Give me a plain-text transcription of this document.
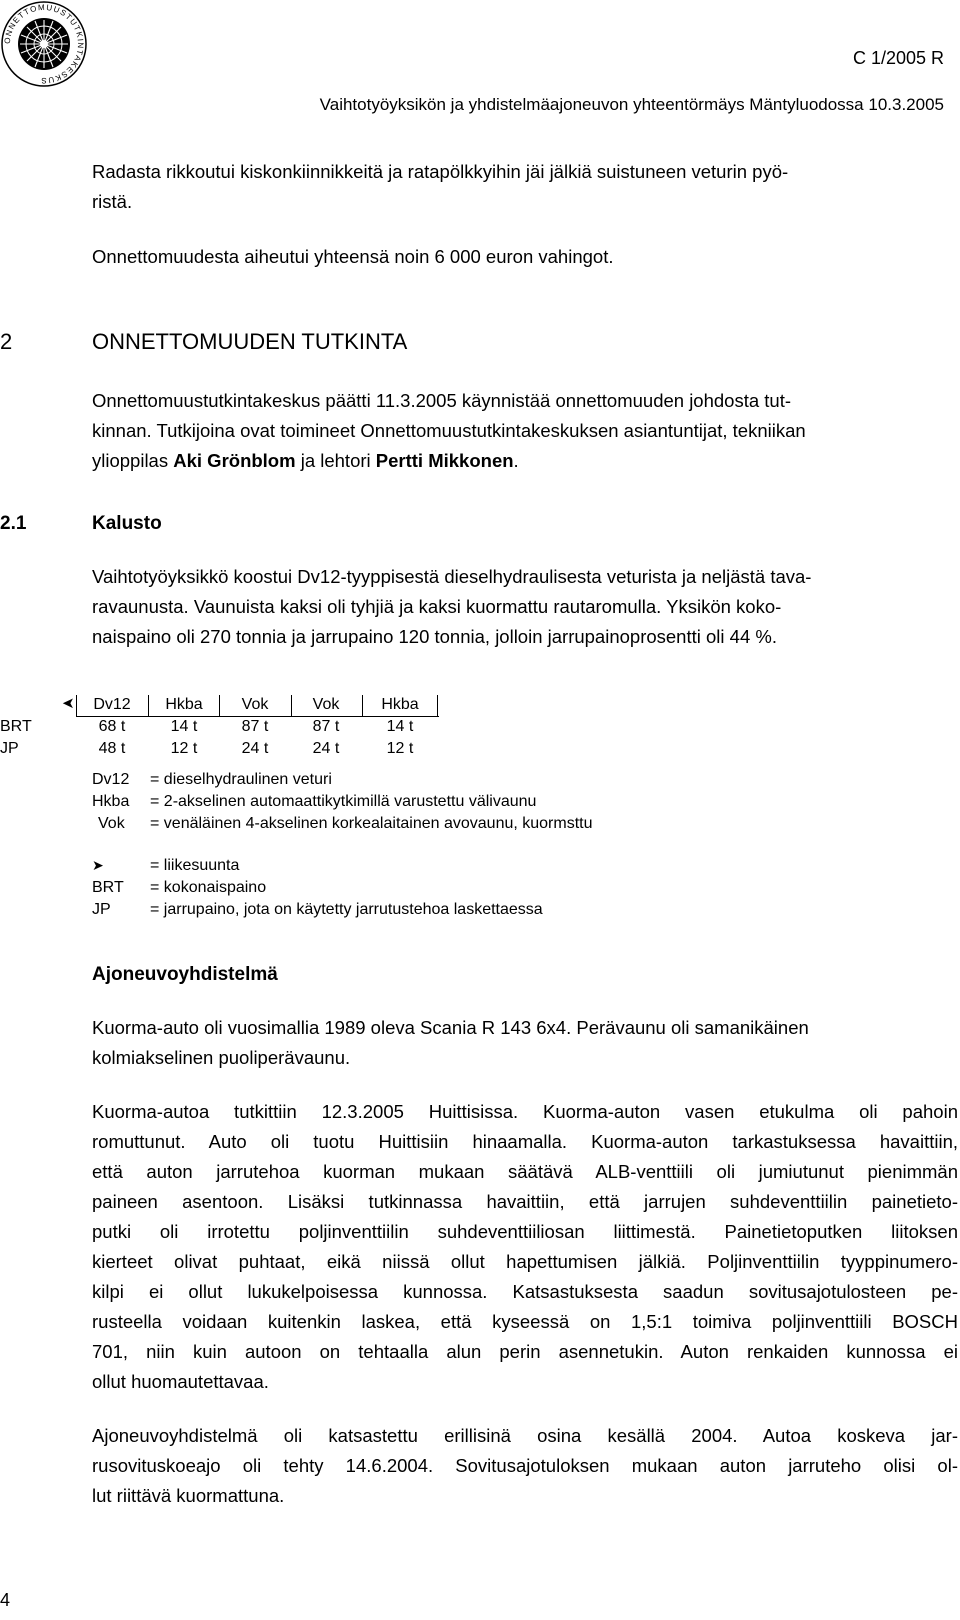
ONNETTOMUUSTUTKINTAKESKUS
C 1/2005 R
Vaihtotyöyksikön ja yhdistelmäajoneuvon yhteentörmäys Mäntyluodossa 10.3.2005
Radasta rikkoutui kiskonkiinnikkeitä ja ratapölkkyihin jäi jälkiä suistuneen veturin pyö-
ristä.
Onnettomuudesta aiheutui yhteensä noin 6 000 euron vahingot.
2	ONNETTOMUUDEN TUTKINTA
Onnettomuustutkintakeskus päätti 11.3.2005 käynnistää onnettomuuden johdosta tut-
kinnan. Tutkijoina ovat toimineet Onnettomuustutkintakeskuksen asiantuntijat, tekniikan
ylioppilas Aki Grönblom ja lehtori Pertti Mikkonen.
2.1	Kalusto
Vaihtotyöyksikkö koostui Dv12-tyyppisestä dieselhydraulisesta veturista ja neljästä tava-
ravaunusta. Vaunuista kaksi oli tyhjiä ja kaksi kuormattu rautaromulla. Yksikön koko-
naispaino oli 270 tonnia ja jarrupaino 120 tonnia, jolloin jarrupainoprosentti oli 44 %.
➤	Dv12	Hkba	Vok	Vok	Hkba
BRT	68 t	14 t	87 t	87 t	14 t
JP	48 t	12 t	24 t	24 t	12 t
Dv12 = dieselhydraulinen veturi
Hkba = 2-akselinen automaattikytkimillä varustettu välivaunu
Vok = venäläinen 4-akselinen korkealaitainen avovaunu, kuormsttu
➤	= liikesuunta
BRT = kokonaispaino
JP = jarrupaino, jota on käytetty jarrutustehoa laskettaessa
Ajoneuvoyhdistelmä
Kuorma-auto oli vuosimallia 1989 oleva Scania R 143 6x4. Perävaunu oli samanikäinen
kolmiakselinen puoliperävaunu.
Kuorma-autoa tutkittiin 12.3.2005 Huittisissa. Kuorma-auton vasen etukulma oli pahoin
romuttunut. Auto oli tuotu Huittisiin hinaamalla. Kuorma-auton tarkastuksessa havaittiin,
että auton jarrutehoa kuorman mukaan säätävä ALB-venttiili oli jumiutunut pienimmän
paineen asentoon. Lisäksi tutkinnassa havaittiin, että jarrujen suhdeventtiilin painetieto-
putki oli irrotettu poljinventtiilin suhdeventtiiliosan liittimestä. Painetietoputken liitoksen
kierteet olivat puhtaat, eikä niissä ollut hapettumisen jälkiä. Poljinventtiilin tyyppinumero-
kilpi ei ollut lukukelpoisessa kunnossa. Katsastuksesta saadun sovitusajotulosteen pe-
rusteella voidaan kuitenkin laskea, että kyseessä on 1,5:1 toimiva poljinventtiili BOSCH
701, niin kuin autoon on tehtaalla alun perin asennetukin. Auton renkaiden kunnossa ei
ollut huomautettavaa.
Ajoneuvoyhdistelmä oli katsastettu erillisinä osina kesällä 2004. Autoa koskeva jar-
rusovituskoeajo oli tehty 14.6.2004. Sovitusajotuloksen mukaan auton jarruteho olisi ol-
lut riittävä kuormattuna.
4
